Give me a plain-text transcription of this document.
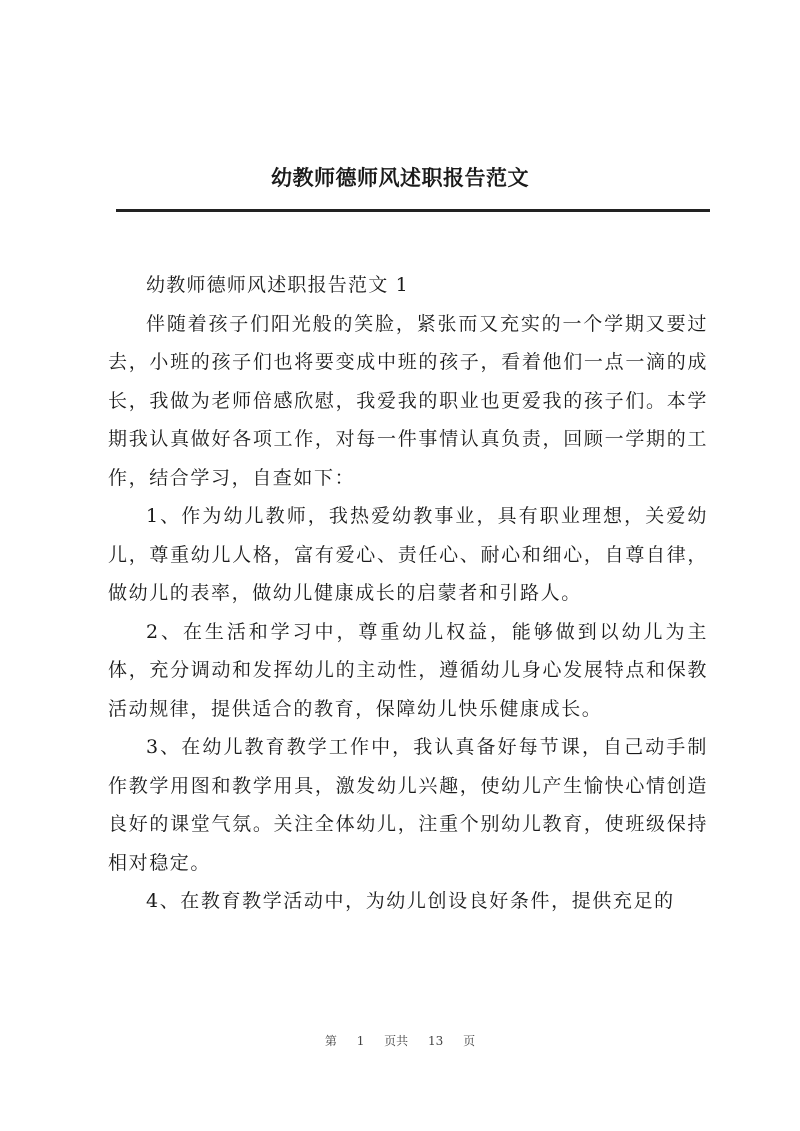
幼教师德师风述职报告范文

幼教师德师风述职报告范文 1

伴随着孩子们阳光般的笑脸，紧张而又充实的一个学期又要过去，小班的孩子们也将要变成中班的孩子，看着他们一点一滴的成长，我做为老师倍感欣慰，我爱我的职业也更爱我的孩子们。本学期我认真做好各项工作，对每一件事情认真负责，回顾一学期的工作，结合学习，自查如下：

1、作为幼儿教师，我热爱幼教事业，具有职业理想，关爱幼儿，尊重幼儿人格，富有爱心、责任心、耐心和细心，自尊自律，做幼儿的表率，做幼儿健康成长的启蒙者和引路人。

2、在生活和学习中，尊重幼儿权益，能够做到以幼儿为主体，充分调动和发挥幼儿的主动性，遵循幼儿身心发展特点和保教活动规律，提供适合的教育，保障幼儿快乐健康成长。

3、在幼儿教育教学工作中，我认真备好每节课，自己动手制作教学用图和教学用具，激发幼儿兴趣，使幼儿产生愉快心情创造良好的课堂气氛。关注全体幼儿，注重个别幼儿教育，使班级保持相对稳定。

4、在教育教学活动中，为幼儿创设良好条件，提供充足的

第 1 页共 13 页
